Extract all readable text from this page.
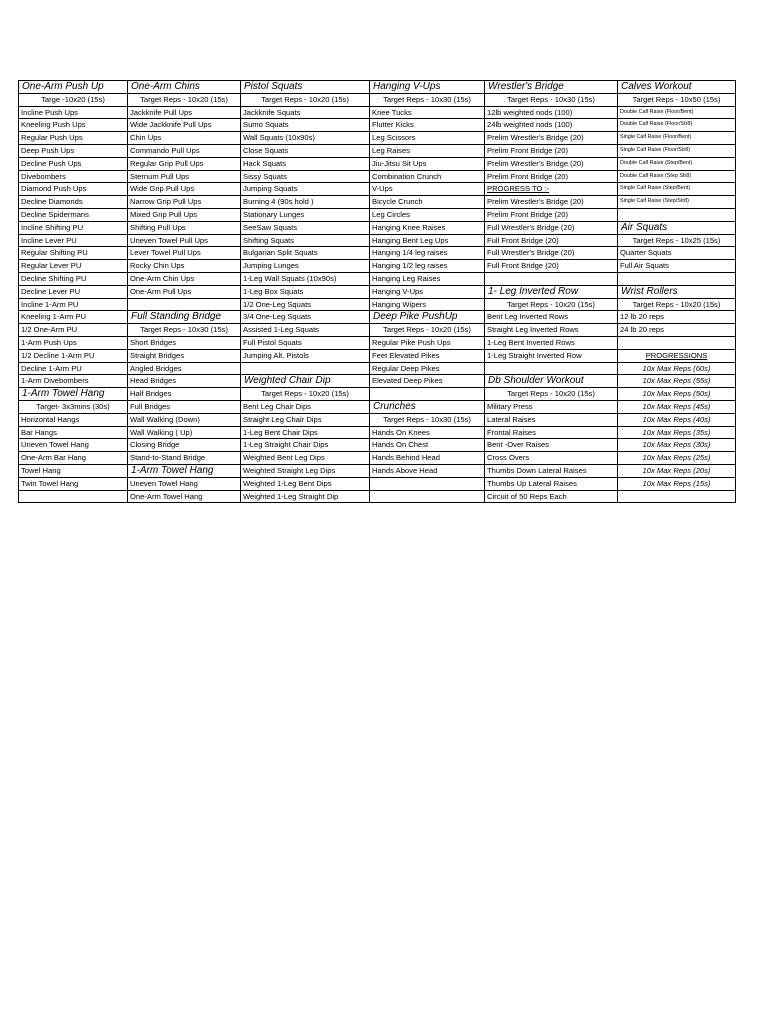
One-Arm Push Up	One-Arm Chins	Pistol Squats	Hanging V-Ups	Wrestler's Bridge	Calves Workout
Targe -10x20 (15s)	Target Reps - 10x20 (15s)	Target Reps - 10x20 (15s)	Target Reps - 10x30 (15s)	Target Reps - 10x30 (15s)	Target Reps - 10x50 (15s)
Incline Push Ups	Jackknife Pull Ups	Jackknife Squats	Knee Tucks	12lb weighted nods (100)	Double Calf Raise (Floor/Bent)
Kneeling Push Ups	Wide Jackknife Pull Ups	Sumo Squats	Flutter Kicks	24lb weighted nods (100)	Double Calf Raise (Floor/Str8)
Regular Push Ups	Chin Ups	Wall Squats (10x90s)	Leg Scissors	Prelim Wrestler's Bridge (20)	Single Calf Raise (Floor/Bent)
Deep Push Ups	Commando Pull Ups	Close Squats	Leg Raises	Prelim Front Bridge (20)	Single Calf Raise (Floor/Str8)
Decline Push Ups	Regular Grip Pull Ups	Hack Squats	Jiu-Jitsu Sit Ups	Prelim Wrestler's Bridge (20)	Double Calf Raise (Step/Bent)
Divebombers	Sternum Pull Ups	Sissy Squats	Combination Crunch	Prelim Front Bridge (20)	Double Calf Raise (Step Str8)
Diamond Push Ups	Wide Grip Pull Ups	Jumping Squats	V-Ups	PROGRESS TO :-	Single Calf Raise (Step/Bent)
Decline Diamonds	Narrow Grip Pull Ups	Burning 4 (90s hold )	Bicycle Crunch	Prelim Wrestler's Bridge (20)	Single Calf Raise (Step/Str8)
Decline Spidermans	Mixed Grip Pull Ups	Stationary Lunges	Leg Circles	Prelim Front Bridge (20)	
Incline Shifting PU	Shifting Pull Ups	SeeSaw Squats	Hanging Knee Raises	Full Wrestler's Bridge (20)	Air Squats
Incline Lever PU	Uneven Towel Pull Ups	Shifting Squats	Hanging Bent Leg Ups	Full Front Bridge (20)	Target Reps - 10x25 (15s)
Regular Shifting PU	Lever Towel Pull Ups	Bulgarian Split Squats	Hanging 1/4 leg raises	Full Wrestler's Bridge (20)	Quarter Squats
Regular Lever PU	Rocky Chin Ups	Jumping Lunges	Hanging 1/2 leg raises	Full Front Bridge (20)	Full Air Squats
Decline Shifting PU	One-Arm Chin Ups	1-Leg Wall Squats (10x90s)	Hanging Leg Raises		
Decline Lever PU	One-Arm Pull Ups	1-Leg Box Squats	Hanging V-Ups	1- Leg Inverted Row	Wrist Rollers
Incline 1-Arm PU		1/2 One-Leg Squats	Hanging Wipers	Target Reps - 10x20 (15s)	Target Reps - 10x20 (15s)
Kneeling 1-Arm PU	Full Standing Bridge	3/4 One-Leg Squats	Deep Pike PushUp	Bent Leg Inverted Rows	12 lb 20 reps
1/2 One-Arm PU	Target Reps - 10x30 (15s)	Assisted 1-Leg Squats	Target Reps - 10x20 (15s)	Straight Leg Inverted Rows	24 lb 20 reps
1-Arm Push Ups	Short Bridges	Full Pistol Squats	Regular Pike Push Ups	1-Leg Bent Inverted Rows	
1/2 Decline 1-Arm PU	Straight Bridges	Jumping Alt. Pistols	Feet Elevated Pikes	1-Leg Straight Inverted Row	PROGRESSIONS
Decline 1-Arm PU	Angled Bridges		Regular Deep Pikes		10x Max Reps (60s)
1-Arm Divebombers	Head Bridges	Weighted Chair Dip	Elevated Deep Pikes	Db Shoulder Workout	10x Max Reps (55s)
1-Arm Towel Hang	Half Bridges	Target Reps - 10x20 (15s)		Target Reps - 10x20 (15s)	10x Max Reps (50s)
Target- 3x3mins (30s)	Full Bridges	Bent Leg Chair Dips	Crunches	Military Press	10x Max Reps (45s)
Horizontal Hangs	Wall Walking (Down)	Straight Leg Chair Dips	Target Reps - 10x30 (15s)	Lateral Raises	10x Max Reps (40s)
Bar Hangs	Wall Walking ( Up)	1-Leg Bent Chair Dips	Hands On Knees	Frontal Raises	10x Max Reps (35s)
Uneven Towel Hang	Closing Bridge	1-Leg Straight Chair Dips	Hands On Chest	Bent -Over Raises	10x Max Reps (30s)
One-Arm Bar Hang	Stand-to-Stand Bridge	Weighted Bent Leg Dips	Hands Behind Head	Cross Overs	10x Max Reps (25s)
Towel Hang	1-Arm Towel Hang	Weighted Straight Leg Dips	Hands Above Head	Thumbs Down Lateral Raises	10x Max Reps (20s)
Twin Towel Hang	Uneven Towel Hang	Weighted 1-Leg Bent Dips		Thumbs Up Lateral Raises	10x Max Reps (15s)
	One-Arm Towel Hang	Weighted 1-Leg Straight Dip		Circuit of 50 Reps Each	
